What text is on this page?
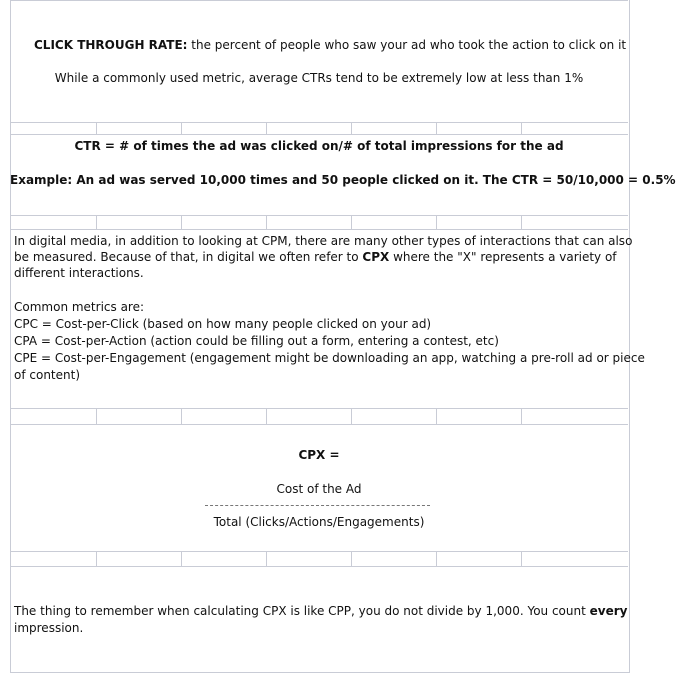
CLICK THROUGH RATE: the percent of people who saw your ad who took the action to click on it
While a commonly used metric, average CTRs tend to be extremely low at less than 1%
CTR = # of times the ad was clicked on/# of total impressions for the ad
Example: An ad was served 10,000 times and 50 people clicked on it. The CTR = 50/10,000 = 0.5%
In digital media, in addition to looking at CPM, there are many other types of interactions that can also
be measured. Because of that, in digital we often refer to CPX where the "X" represents a variety of
different interactions.
Common metrics are:
CPC = Cost-per-Click (based on how many people clicked on your ad)
CPA = Cost-per-Action (action could be filling out a form, entering a contest, etc)
CPE = Cost-per-Engagement (engagement might be downloading an app, watching a pre-roll ad or piece
of content)
CPX =
Cost of the Ad
Total (Clicks/Actions/Engagements)
The thing to remember when calculating CPX is like CPP, you do not divide by 1,000. You count every
impression.
